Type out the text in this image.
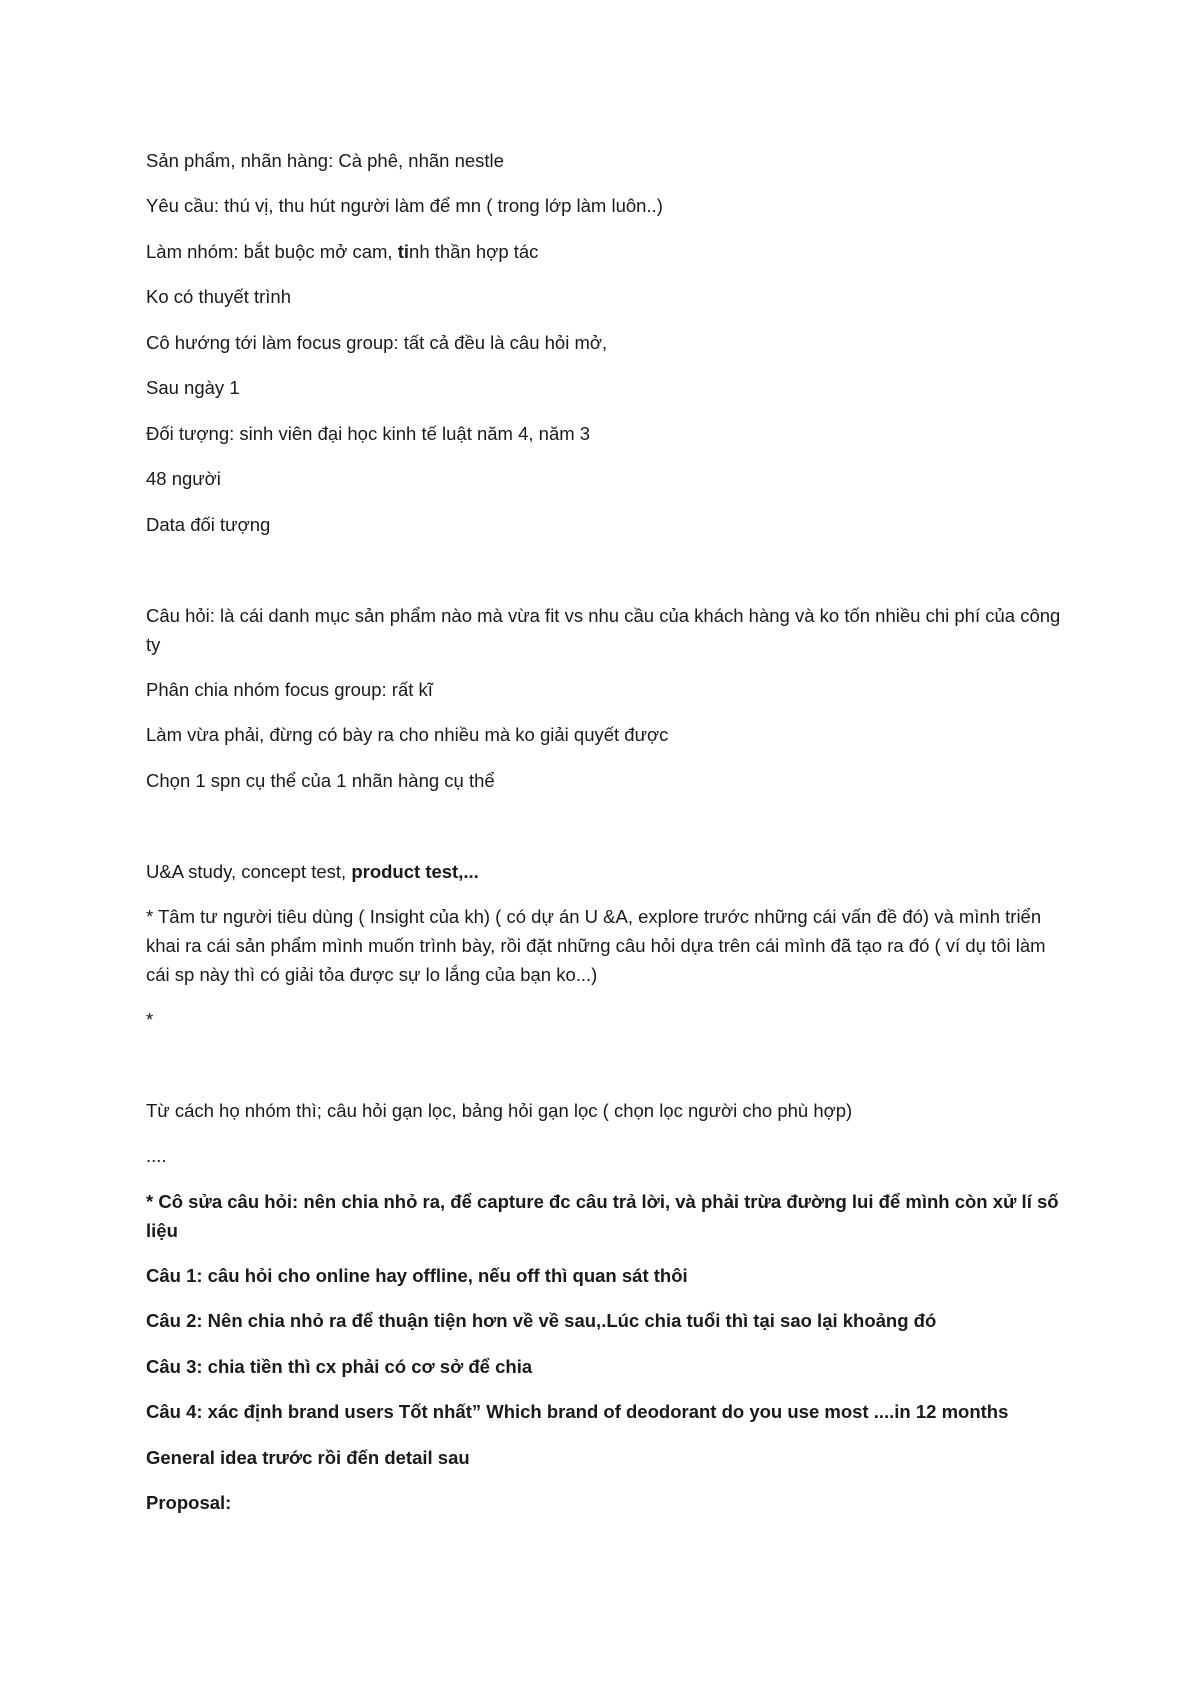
Sản phẩm, nhãn hàng: Cà phê, nhãn nestle

Yêu cầu: thú vị, thu hút người làm để mn ( trong lớp làm luôn..)

Làm nhóm: bắt buộc mở cam, tinh thần hợp tác

Ko có thuyết trình

Cô hướng tới làm focus group: tất cả đều là câu hỏi mở,

Sau ngày 1

Đối tượng: sinh viên đại học kinh tế luật năm 4, năm 3

48 người

Data đối tượng

Câu hỏi: là cái danh mục sản phẩm nào mà vừa fit vs nhu cầu của khách hàng và ko tốn nhiều chi phí của công ty

Phân chia nhóm focus group: rất kĩ

Làm vừa phải, đừng có bày ra cho nhiều mà ko giải quyết được

Chọn 1 spn cụ thể của 1 nhãn hàng cụ thể

U&A study, concept test, product test,...

* Tâm tư người tiêu dùng ( Insight của kh) ( có dự án U &A, explore trước những cái vấn đề đó) và mình triển khai ra cái sản phẩm mình muốn trình bày, rồi đặt những câu hỏi dựa trên cái mình đã tạo ra đó ( ví dụ tôi làm cái sp này thì có giải tỏa được sự lo lắng của bạn ko...)

*

Từ cách họ nhóm thì; câu hỏi gạn lọc, bảng hỏi gạn lọc ( chọn lọc người cho phù hợp)

....

* Cô sửa câu hỏi: nên chia nhỏ ra, để capture đc câu trả lời, và phải trừa đường lui để mình còn xử lí số liệu

Câu 1: câu hỏi cho online hay offline, nếu off thì quan sát thôi

Câu 2: Nên chia nhỏ ra để thuận tiện hơn về về sau,.Lúc chia tuổi thì tại sao lại khoảng đó

Câu 3: chia tiền thì cx phải có cơ sở để chia

Câu 4: xác định brand users Tốt nhất” Which brand of deodorant do you use most ....in 12 months

General idea trước rồi đến detail sau

Proposal:
